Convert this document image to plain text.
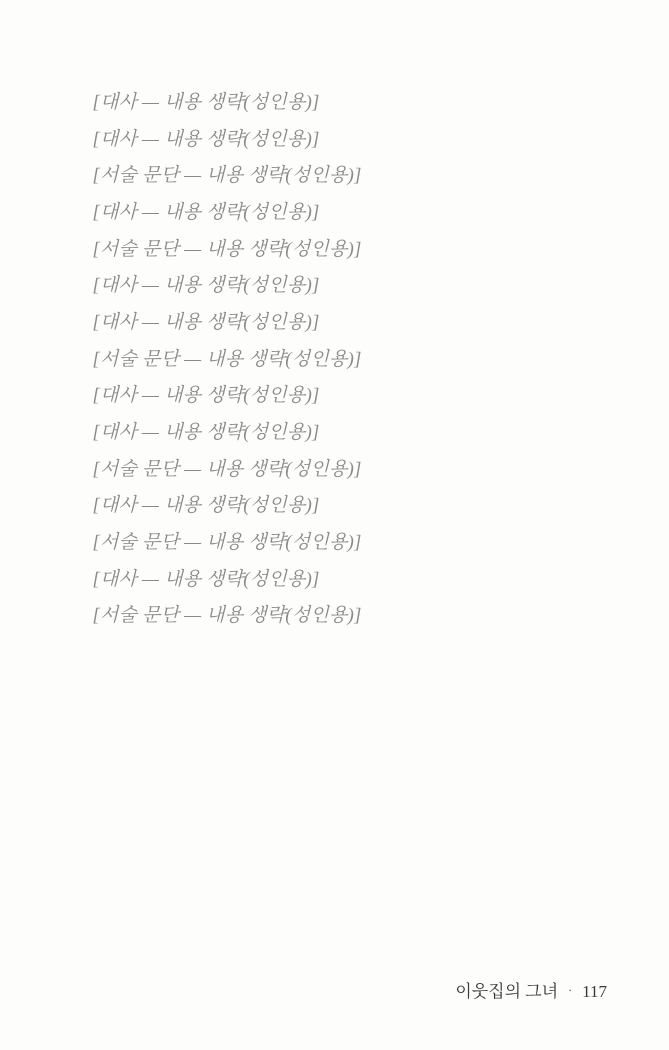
[대사 — 내용 생략(성인용)]

[대사 — 내용 생략(성인용)]

[서술 문단 — 내용 생략(성인용)]

[대사 — 내용 생략(성인용)]

[서술 문단 — 내용 생략(성인용)]

[대사 — 내용 생략(성인용)]

[대사 — 내용 생략(성인용)]

[서술 문단 — 내용 생략(성인용)]

[대사 — 내용 생략(성인용)]

[대사 — 내용 생략(성인용)]

[서술 문단 — 내용 생략(성인용)]

[대사 — 내용 생략(성인용)]

[서술 문단 — 내용 생략(성인용)]

[대사 — 내용 생략(성인용)]

[서술 문단 — 내용 생략(성인용)]

이웃집의 그녀 · 117
